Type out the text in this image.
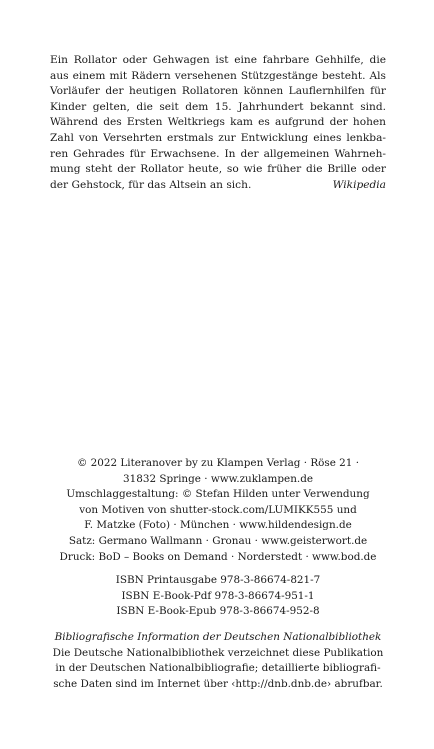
Ein Rollator oder Gehwagen ist eine fahrbare Gehhilfe, die aus einem mit Rädern versehenen Stützgestänge besteht. Als Vorläufer der heutigen Rollatoren können Lauflernhilfen für Kinder gelten, die seit dem 15. Jahrhundert bekannt sind. Während des Ersten Weltkriegs kam es aufgrund der hohen Zahl von Versehrten erstmals zur Entwicklung eines lenkbaren Gehrades für Erwachsene. In der allgemeinen Wahrnehmung steht der Rollator heute, so wie früher die Brille oder der Gehstock, für das Altsein an sich.	Wikipedia
© 2022 Literanover by zu Klampen Verlag · Röse 21 ·
31832 Springe · www.zuklampen.de
Umschlaggestaltung: © Stefan Hilden unter Verwendung
von Motiven von shutter-stock.com/LUMIKK555 und
F. Matzke (Foto) · München · www.hildendesign.de
Satz: Germano Wallmann · Gronau · www.geisterwort.de
Druck: BoD – Books on Demand · Norderstedt · www.bod.de
ISBN Printausgabe 978-3-86674-821-7
ISBN E-Book-Pdf 978-3-86674-951-1
ISBN E-Book-Epub 978-3-86674-952-8
Bibliografische Information der Deutschen Nationalbibliothek
Die Deutsche Nationalbibliothek verzeichnet diese Publikation
in der Deutschen Nationalbibliografie; detaillierte bibliografi-
sche Daten sind im Internet über ‹http://dnb.dnb.de› abrufbar.
